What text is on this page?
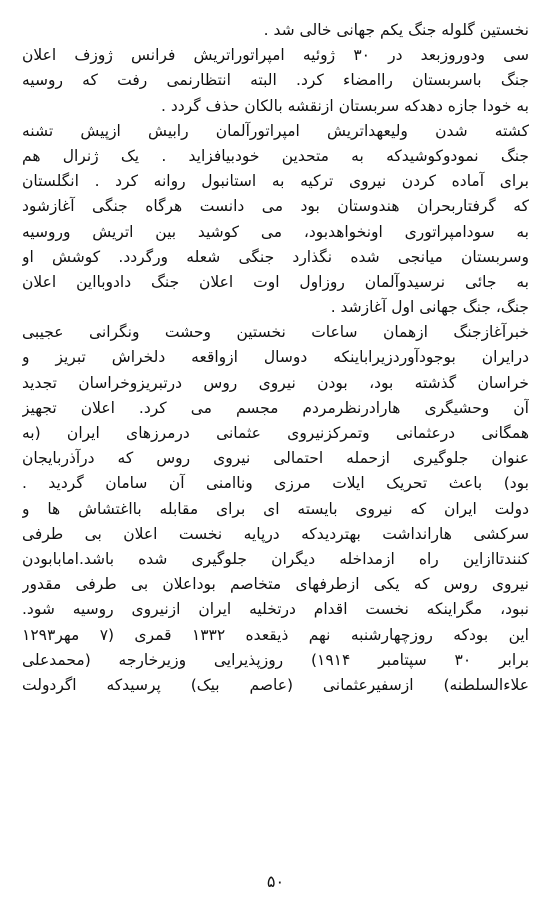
نخستين گلوله جنگ يکم جهانی خالی شد .
سی ودوروزبعد در ۳۰ ژوئيه امپراتوراتريش فرانس ژوزف اعلان
جنگ باسربستان راامضاء کرد. البته انتظارنمی رفت که روسيه
به خودا جازه دهدکه سربستان ازنقشه بالکان حذف گردد .
کشته شدن وليعهداتريش امپراتورآلمان رابيش ازپيش تشنه
جنگ نمودوکوشيدکه به متحدين خودبيافزايد . يک ژنرال هم
برای آماده کردن نيروی ترکيه به استانبول روانه کرد . انگلستان
که گرفتاربحران هندوستان بود می دانست هرگاه جنگی آغازشود
به سودامپراتوری اونخواهدبود، می کوشيد بين اتريش وروسيه
وسربستان ميانجی شده نگذارد جنگی شعله ورگردد. کوشش او
به جائی نرسيدوآلمان روزاول اوت اعلان جنگ دادوبااين اعلان
جنگ، جنگ جهانی اول آغازشد .
خبرآغازجنگ ازهمان ساعات نخستين وحشت ونگرانی عجيبی
درايران بوجودآوردزيراباينکه دوسال ازواقعه دلخراش تبريز و
خراسان گذشته بود، بودن نيروی روس درتبريزوخراسان تجديد
آن وحشيگری هارادرنظرمردم مجسم می کرد. اعلان تجهيز
همگانی درعثمانی وتمرکزنيروی عثمانی درمرزهای ايران (به
عنوان جلوگيری ازحمله احتمالی نيروی روس که درآذربايجان
بود) باعث تحريک ايلات مرزی وناامنی آن سامان گرديد .
دولت ايران که نيروی بايسته ای برای مقابله بااغتشاش ها و
سرکشی هارانداشت بهتردیدکه درپايه نخست اعلان بی طرفی
کنندتاازاين راه ازمداخله ديگران جلوگيری شده باشد.امابابودن
نيروی روس که يکی ازطرفهای متخاصم بوداعلان بی طرفی مقدور
نبود، مگراينکه نخست اقدام درتخليه ايران ازنيروی روسيه شود.
اين بودکه روزچهارشنبه نهم ذيقعده ۱۳۳۲ قمری (۷ مهر۱۲۹۳
برابر ۳۰ سپتامبر ۱۹۱۴) روزپذيرايی وزيرخارجه (محمدعلی
علاءالسلطنه) ازسفيرعثمانی (عاصم بيک) پرسيدکه اگردولت
۵۰
